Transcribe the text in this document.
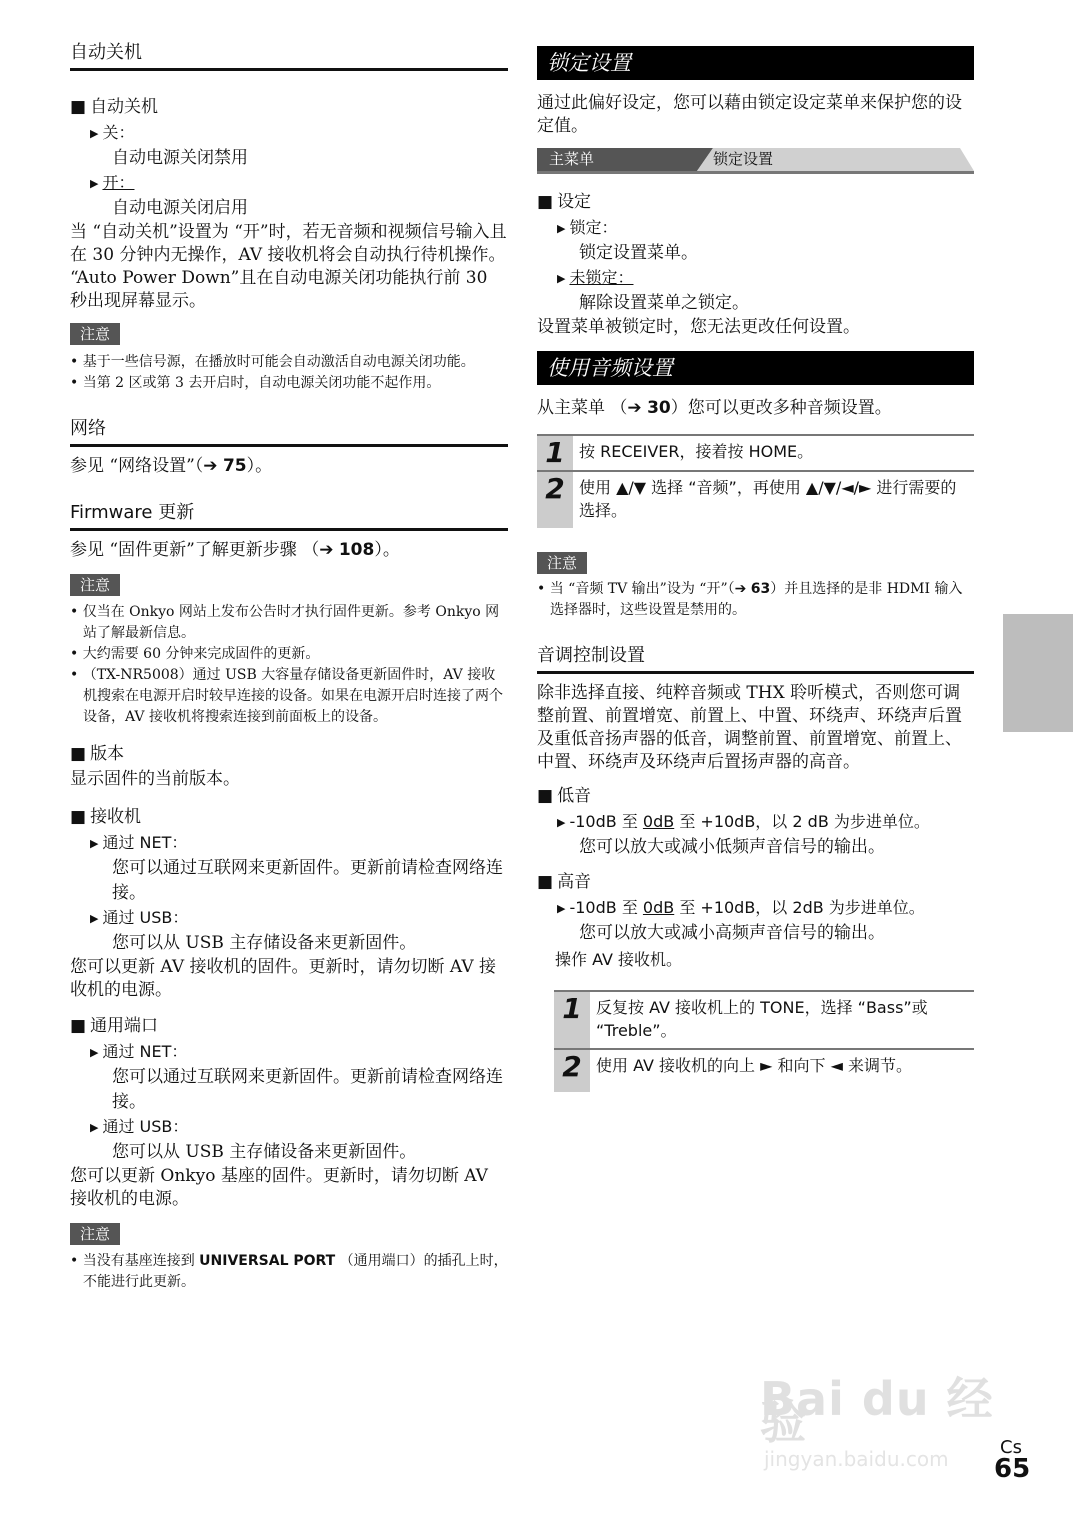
自动关机
■ 自动关机
▶ 关：
自动电源关闭禁用
▶ 开：
自动电源关闭启用

当 “自动关机”设置为 “开”时，若无音频和视频信号输入且在 30 分钟内无操作，AV 接收机将会自动执行待机操作。

“Auto Power Down”且在自动电源关闭功能执行前 30 秒出现屏幕显示。

注意
• 基于一些信号源，在播放时可能会自动激活自动电源关闭功能。
• 当第 2 区或第 3 去开启时，自动电源关闭功能不起作用。
网络

参见 “网络设置”（➔ 75）。

Firmware 更新

参见 “固件更新”了解更新步骤 （➔ 108）。

注意
• 仅当在 Onkyo 网站上发布公告时才执行固件更新。参考 Onkyo 网站了解最新信息。
• 大约需要 60 分钟来完成固件的更新。
• （TX-NR5008）通过 USB 大容量存储设备更新固件时，AV 接收机搜索在电源开启时较早连接的设备。如果在电源开启时连接了两个设备，AV 接收机将搜索连接到前面板上的设备。
■ 版本

显示固件的当前版本。

■ 接收机
▶ 通过 NET：
您可以通过互联网来更新固件。更新前请检查网络连接。
▶ 通过 USB：
您可以从 USB 主存储设备来更新固件。

您可以更新 AV 接收机的固件。更新时，请勿切断 AV 接收机的电源。

■ 通用端口
▶ 通过 NET：
您可以通过互联网来更新固件。更新前请检查网络连接。
▶ 通过 USB：
您可以从 USB 主存储设备来更新固件。

您可以更新 Onkyo 基座的固件。更新时，请勿切断 AV 接收机的电源。

注意
• 当没有基座连接到 UNIVERSAL PORT （通用端口）的插孔上时，不能进行此更新。
锁定设置

通过此偏好设定，您可以藉由锁定设定菜单来保护您的设定值。

主菜单	锁定设置
■ 设定
▶ 锁定：
锁定设置菜单。
▶ 未锁定：
解除设置菜单之锁定。

设置菜单被锁定时，您无法更改任何设置。

使用音频设置

从主菜单 （➔ 30）您可以更改多种音频设置。

1 按 RECEIVER，接着按 HOME。
2 使用 ▲/▼ 选择 “音频”，再使用 ▲/▼/◄/► 进行需要的选择。
注意
• 当 “音频 TV 输出”设为 “开”（➔ 63）并且选择的是非 HDMI 输入选择器时，这些设置是禁用的。
音调控制设置

除非选择直接、纯粹音频或 THX 聆听模式，否则您可调整前置、前置增宽、前置上、中置、环绕声、环绕声后置及重低音扬声器的低音，调整前置、前置增宽、前置上、中置、环绕声及环绕声后置扬声器的高音。

■ 低音
▶ -10dB 至 0dB 至 +10dB，以 2 dB 为步进单位。
您可以放大或减小低频声音信号的输出。
■ 高音
▶ -10dB 至 0dB 至 +10dB，以 2dB 为步进单位。
您可以放大或减小高频声音信号的输出。
操作 AV 接收机。
1 反复按 AV 接收机上的 TONE，选择 “Bass”或 “Treble”。
2 使用 AV 接收机的向上 ► 和向下 ◄ 来调节。
Bai du 经验
jingyan.baidu.com	Cs
65
